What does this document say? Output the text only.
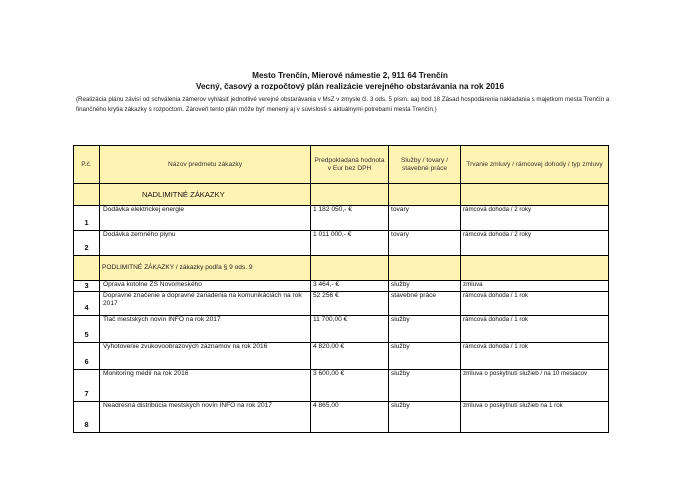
Mesto Trenčín, Mierové námestie 2, 911 64 Trenčín
Vecný, časový a rozpočtový plán realizácie verejného obstarávania na rok 2016
(Realizácia plánu závisí od schválenia zámerov vyhlásiť jednotlivé verejné obstarávania v MsZ v zmysle čl. 3 ods. 5 písm. aa) bod 18 Zásad hospodárenia nakladania s majetkom mesta Trenčín a finančného krytia zákazky s rozpočtom. Zároveň tento plán môže byť menený aj v súvislosti s aktuálnymi potrebami mesta Trenčín.)
P.č.	Názov predmetu zákazky	Predpokladaná hodnota v Eur bez DPH	Služby / tovary / stavebné práce	Trvanie zmluvy / rámcovej dohody / typ zmluvy
	NADLIMITNÉ ZÁKAZKY			
1	Dodávka elektrickej energie	1 182 050,- €	tovary	rámcová dohoda / 2 roky
2	Dodávka zemného plynu	1 011 000,- €	tovary	rámcová dohoda / 2 roky
	PODLIMITNÉ ZÁKAZKY / zákazky podľa § 9 ods. 9			
3	Oprava kotolne ZŠ Novomeského	3 464,- €	služby	zmluva
4	Dopravné značenie a dopravné zariadenia na komunikáciách na rok 2017	52 256 €	stavebné práce	rámcová dohoda / 1 rok
5	Tlač mestských novín INFO na rok 2017	11 700,00 €	služby	rámcová dohoda / 1 rok
6	Vyhotovenie zvukovoobrazových záznamov na rok 2016	4 820,00 €	služby	rámcová dohoda / 1 rok
7	Monitoring médií na rok 2016	3 600,00 €	služby	zmluva o poskytnutí služieb / na 10 mesiacov
8	Neadresná distribúcia mestských novín INFO na rok 2017	4 865,00	služby	zmluva o poskytnutí služieb na 1 rok
